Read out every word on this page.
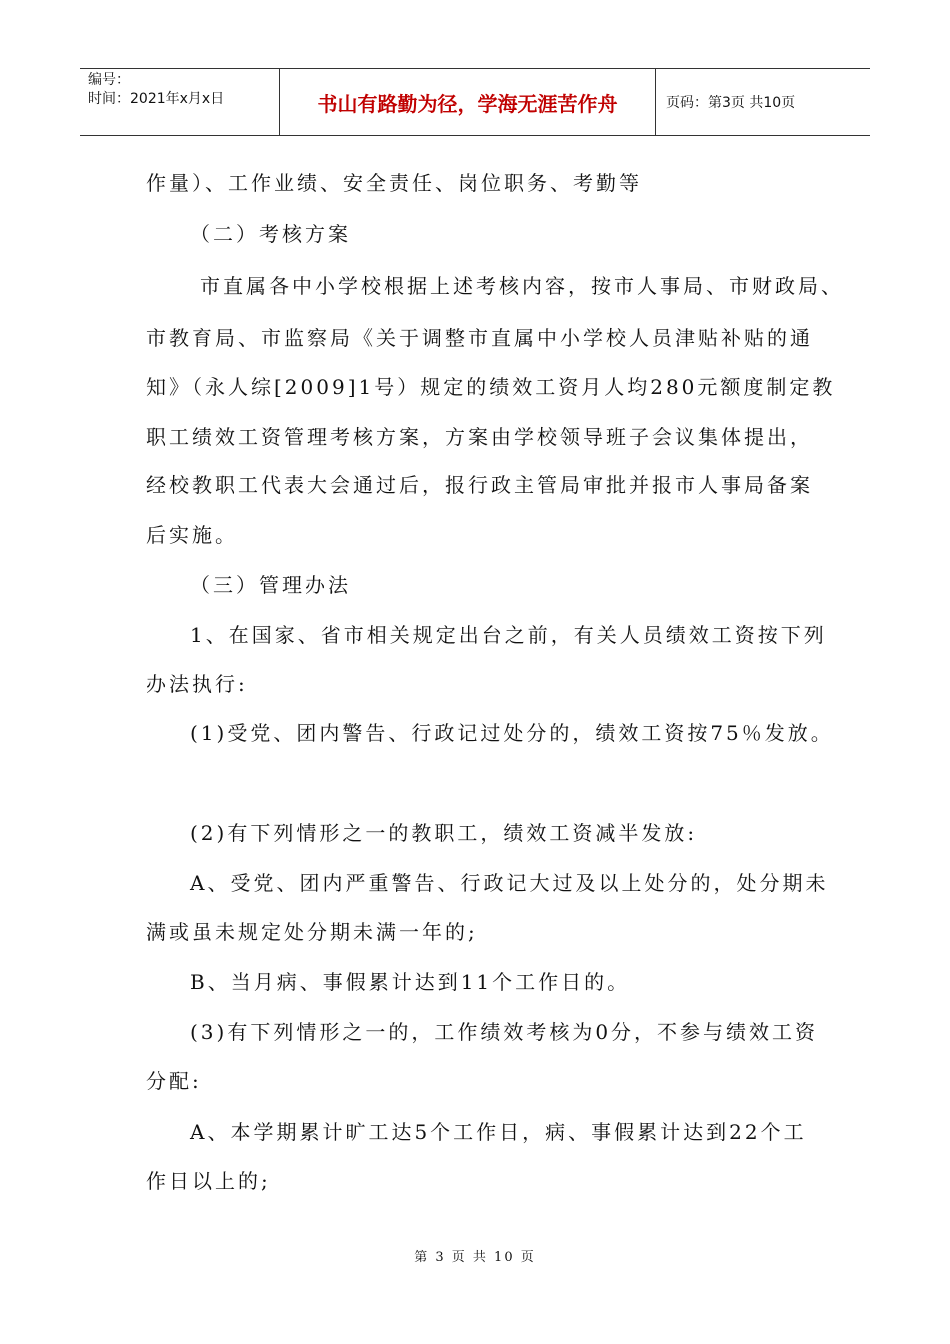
编号：
时间：2021年x月x日	书山有路勤为径，学海无涯苦作舟	页码：第3页 共10页
作量）、工作业绩、安全责任、岗位职务、考勤等
（二）考核方案
市直属各中小学校根据上述考核内容，按市人事局、市财政局、
市教育局、市监察局《关于调整市直属中小学校人员津贴补贴的通
知》（永人综[2009]1号）规定的绩效工资月人均280元额度制定教
职工绩效工资管理考核方案，方案由学校领导班子会议集体提出，
经校教职工代表大会通过后，报行政主管局审批并报市人事局备案
后实施。
（三）管理办法
1、在国家、省市相关规定出台之前，有关人员绩效工资按下列
办法执行:
(1)受党、团内警告、行政记过处分的，绩效工资按75％发放。
(2)有下列情形之一的教职工，绩效工资减半发放:
A、受党、团内严重警告、行政记大过及以上处分的，处分期未
满或虽未规定处分期未满一年的;
B、当月病、事假累计达到11个工作日的。
(3)有下列情形之一的，工作绩效考核为0分，不参与绩效工资
分配:
A、本学期累计旷工达5个工作日，病、事假累计达到22个工
作日以上的;
第 3 页 共 10 页
